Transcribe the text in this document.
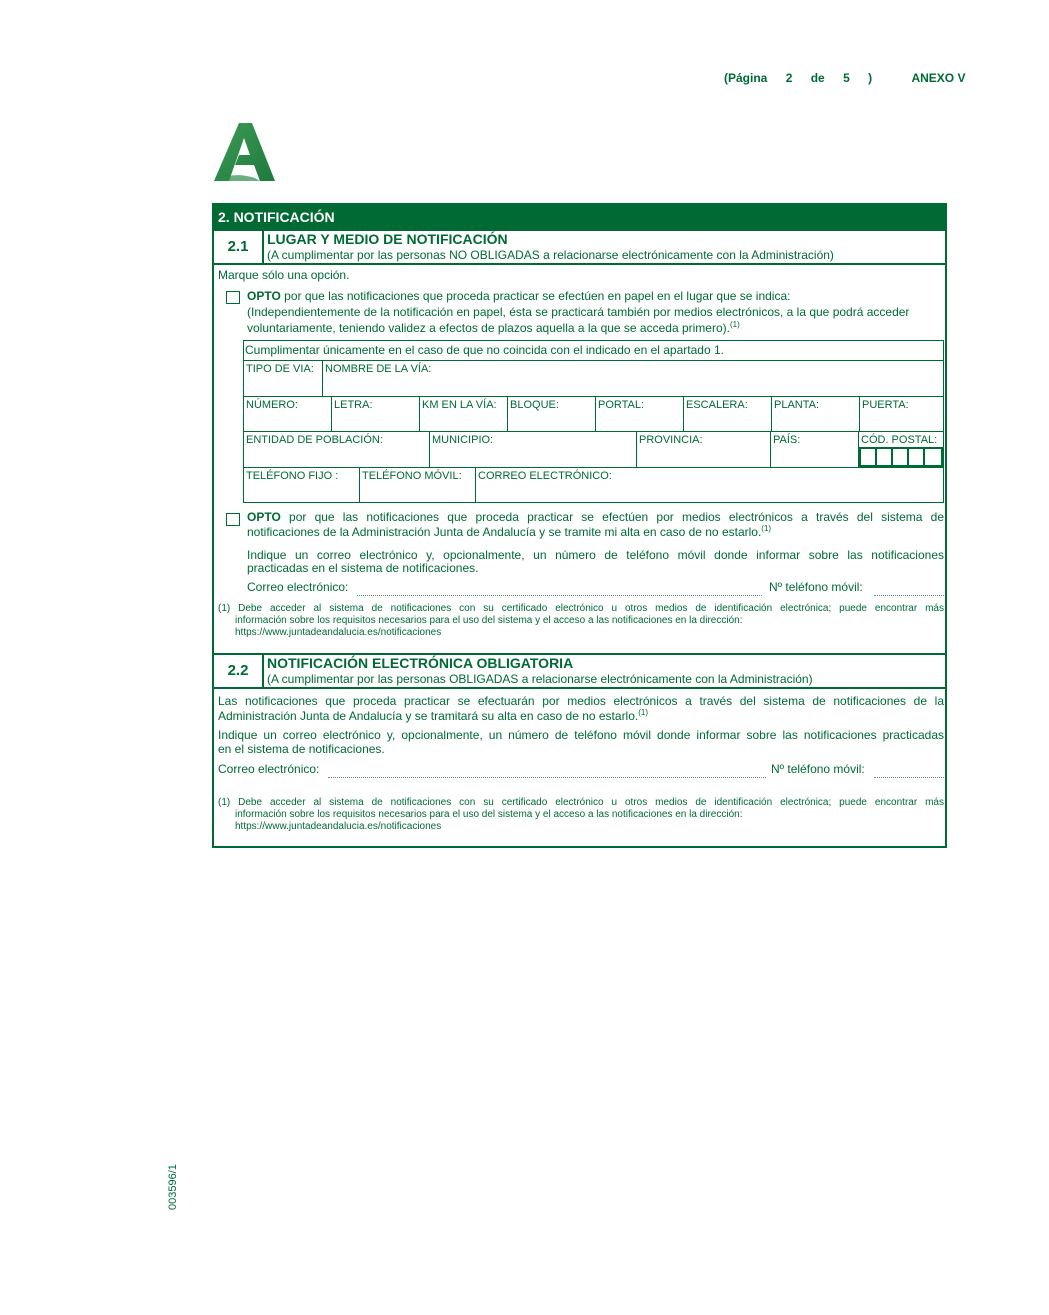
(Página 2 de 5 )	ANEXO V
2. NOTIFICACIÓN
2.1	LUGAR Y MEDIO DE NOTIFICACIÓN
(A cumplimentar por las personas NO OBLIGADAS a relacionarse electrónicamente con la Administración)
Marque sólo una opción.
OPTO por que las notificaciones que proceda practicar se efectúen en papel en el lugar que se indica:
(Independientemente de la notificación en papel, ésta se practicará también por medios electrónicos, a la que podrá acceder
voluntariamente, teniendo validez a efectos de plazos aquella a la que se acceda primero).$^{(1)}$
Cumplimentar únicamente en el caso de que no coincida con el indicado en el apartado 1.
TIPO DE VIA:	NOMBRE DE LA VÍA:
NÚMERO:	LETRA:	KM EN LA VÍA:	BLOQUE:	PORTAL:	ESCALERA:	PLANTA:	PUERTA:
ENTIDAD DE POBLACIÓN:	MUNICIPIO:	PROVINCIA:	PAÍS:	CÓD. POSTAL:
TELÉFONO FIJO :	TELÉFONO MÓVIL:	CORREO ELECTRÓNICO:
OPTO por que las notificaciones que proceda practicar se efectúen por medios electrónicos a través del sistema de
notificaciones de la Administración Junta de Andalucía y se tramite mi alta en caso de no estarlo.$^{(1)}$
Indique un correo electrónico y, opcionalmente, un número de teléfono móvil donde informar sobre las notificaciones
practicadas en el sistema de notificaciones.
Correo electrónico:	Nº teléfono móvil:
(1) Debe acceder al sistema de notificaciones con su certificado electrónico u otros medios de identificación electrónica; puede encontrar más
información sobre los requisitos necesarios para el uso del sistema y el acceso a las notificaciones en la dirección:
https://www.juntadeandalucia.es/notificaciones
2.2	NOTIFICACIÓN ELECTRÓNICA OBLIGATORIA
(A cumplimentar por las personas OBLIGADAS a relacionarse electrónicamente con la Administración)
Las notificaciones que proceda practicar se efectuarán por medios electrónicos a través del sistema de notificaciones de la
Administración Junta de Andalucía y se tramitará su alta en caso de no estarlo.$^{(1)}$
Indique un correo electrónico y, opcionalmente, un número de teléfono móvil donde informar sobre las notificaciones practicadas
en el sistema de notificaciones.
Correo electrónico:	Nº teléfono móvil:
(1) Debe acceder al sistema de notificaciones con su certificado electrónico u otros medios de identificación electrónica; puede encontrar más
información sobre los requisitos necesarios para el uso del sistema y el acceso a las notificaciones en la dirección:
https://www.juntadeandalucia.es/notificaciones
003596/1
